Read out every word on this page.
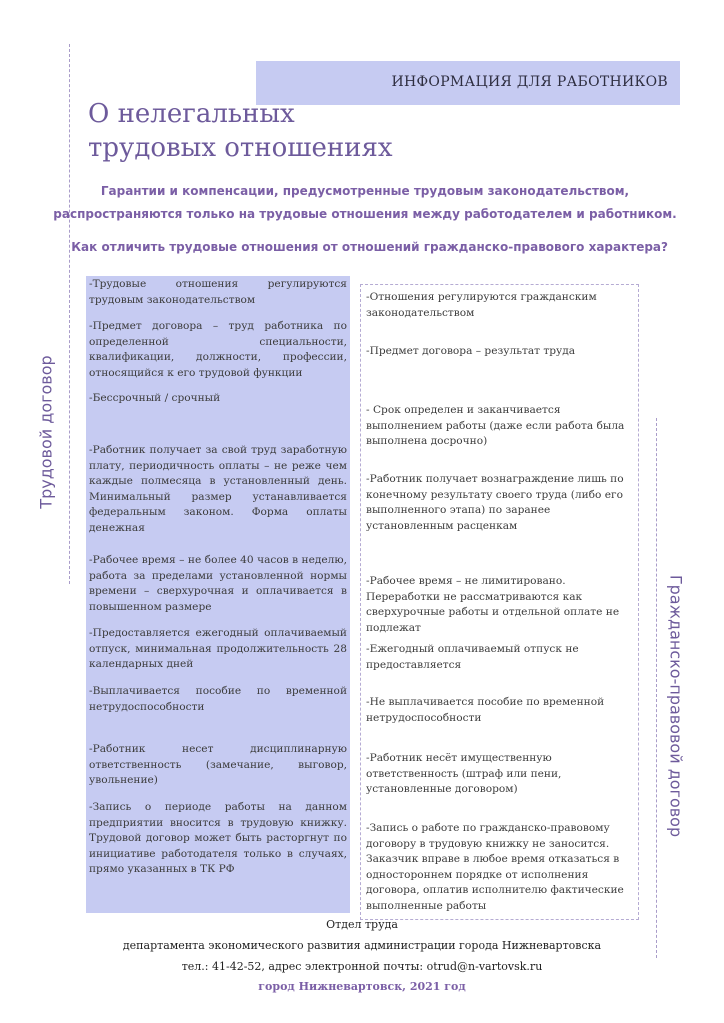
ИНФОРМАЦИЯ ДЛЯ РАБОТНИКОВ

О нелегальных
трудовых отношениях

Гарантии и компенсации, предусмотренные трудовым законодательством, распространяются только на трудовые отношения между работодателем и работником.

Как отличить трудовые отношения от отношений гражданско-правового характера?

Трудовой договор

Гражданско-правовой договор

-Трудовые отношения регулируются трудовым законодательством

-Предмет договора – труд работника по определенной специальности, квалификации, должности, профессии, относящийся к его трудовой функции

-Бессрочный / срочный

-Работник получает за свой труд заработную плату, периодичность оплаты – не реже чем каждые полмесяца в установленный день. Минимальный размер устанавливается федеральным законом. Форма оплаты денежная

-Рабочее время – не более 40 часов в неделю, работа за пределами установленной нормы времени – сверхурочная и оплачивается в повышенном размере

-Предоставляется ежегодный оплачиваемый отпуск, минимальная продолжительность 28 календарных дней

-Выплачивается пособие по временной нетрудоспособности

-Работник несет дисциплинарную ответственность (замечание, выговор, увольнение)

-Запись о периоде работы на данном предприятии вносится в трудовую книжку. Трудовой договор может быть расторгнут по инициативе работодателя только в случаях, прямо указанных в ТК РФ

-Отношения регулируются гражданским законодательством

-Предмет договора – результат труда

- Срок определен и заканчивается выполнением работы (даже если работа была выполнена досрочно)

-Работник получает вознаграждение лишь по конечному результату своего труда (либо его выполненного этапа) по заранее установленным расценкам

-Рабочее время – не лимитировано. Переработки не рассматриваются как сверхурочные работы и отдельной оплате не подлежат

-Ежегодный оплачиваемый отпуск не предоставляется

-Не выплачивается пособие по временной нетрудоспособности

-Работник несёт имущественную ответственность (штраф или пени, установленные договором)

-Запись о работе по гражданско-правовому договору в трудовую книжку не заносится. Заказчик вправе в любое время отказаться в одностороннем порядке от исполнения договора, оплатив исполнителю фактические выполненные работы

Отдел труда

департамента экономического развития администрации города Нижневартовска

тел.: 41-42-52, адрес электронной почты: otrud@n-vartovsk.ru

город Нижневартовск, 2021 год
